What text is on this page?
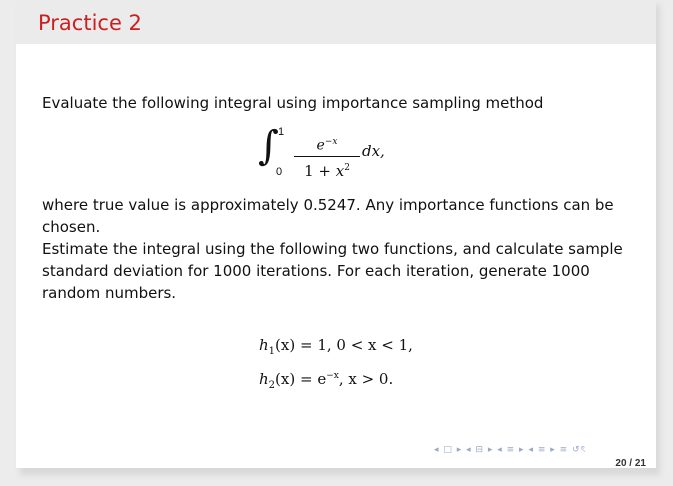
Practice 2
Evaluate the following integral using importance sampling method
∫ 1
0
$e^{-x}$
$1 + x^2$
dx,
where true value is approximately 0.5247. Any importance functions can be chosen.
Estimate the integral using the following two functions, and calculate sample standard deviation for 1000 iterations. For each iteration, generate 1000 random numbers.
$h_1(x) = 1$, 0 < x < 1,
$h_2(x) = e^{-x}$, x > 0.
◂ □ ▸ ◂ ⊟ ▸ ◂ ≡ ▸ ◂ ≡ ▸ ≡ ↺ৎ
20 / 21
